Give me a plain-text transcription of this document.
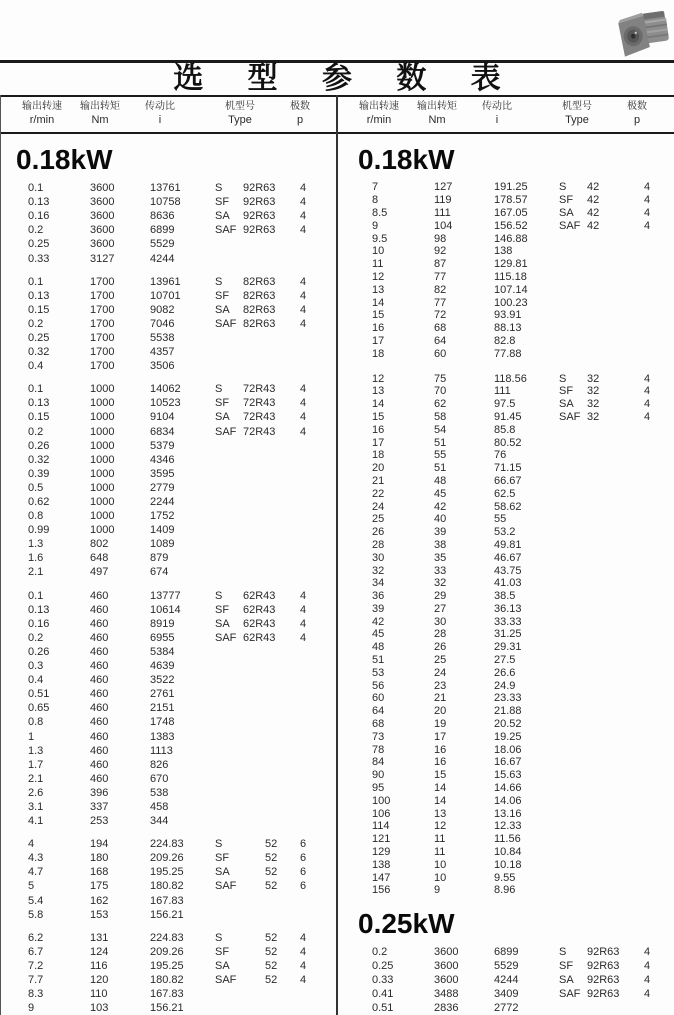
选 型 参 数 表
输出转速
r/min
输出转矩
Nm
传动比
i
机型号
Type
极数
p
输出转速
r/min
输出转矩
Nm
传动比
i
机型号
Type
极数
p
0.18kW
0.1	3600	13761	S	92R63	4
0.13	3600	10758	SF	92R63	4
0.16	3600	8636	SA	92R63	4
0.2	3600	6899	SAF 92R63	4
0.25	3600	5529
0.33	3127	4244
0.1	1700	13961	S	82R63	4
0.13	1700	10701	SF	82R63	4
0.15	1700	9082	SA	82R63	4
0.2	1700	7046	SAF 82R63	4
0.25	1700	5538
0.32	1700	4357
0.4	1700	3506
0.1	1000	14062	S	72R43	4
0.13	1000	10523	SF	72R43	4
0.15	1000	9104	SA	72R43	4
0.2	1000	6834	SAF 72R43	4
0.26	1000	5379
0.32	1000	4346
0.39	1000	3595
0.5	1000	2779
0.62	1000	2244
0.8	1000	1752
0.99	1000	1409
1.3	802	1089
1.6	648	879
2.1	497	674
0.1	460	13777	S	62R43	4
0.13	460	10614	SF	62R43	4
0.16	460	8919	SA	62R43	4
0.2	460	6955	SAF 62R43	4
0.26	460	5384
0.3	460	4639
0.4	460	3522
0.51	460	2761
0.65	460	2151
0.8	460	1748
1	460	1383
1.3	460	1113
1.7	460	826
2.1	460	670
2.6	396	538
3.1	337	458
4.1	253	344
4	194	224.83	S	52	6
4.3	180	209.26	SF	52	6
4.7	168	195.25	SA	52	6
5	175	180.82	SAF	52	6
5.4	162	167.83
5.8	153	156.21
6.2	131	224.83	S	52	4
6.7	124	209.26	SF	52	4
7.2	116	195.25	SA	52	4
7.7	120	180.82	SAF	52	4
8.3	110	167.83
9	103	156.21
0.18kW
7	127	191.25	S	42	4
8	119	178.57	SF	42	4
8.5	111	167.05	SA	42	4
9	104	156.52	SAF 42	4
9.5	98	146.88
10	92	138
11	87	129.81
12	77	115.18
13	82	107.14
14	77	100.23
15	72	93.91
16	68	88.13
17	64	82.8
18	60	77.88
12	75	118.56	S	32	4
13	70	111	SF	32	4
14	62	97.5	SA	32	4
15	58	91.45	SAF 32	4
16	54	85.8
17	51	80.52
18	55	76
20	51	71.15
21	48	66.67
22	45	62.5
24	42	58.62
25	40	55
26	39	53.2
28	38	49.81
30	35	46.67
32	33	43.75
34	32	41.03
36	29	38.5
39	27	36.13
42	30	33.33
45	28	31.25
48	26	29.31
51	25	27.5
53	24	26.6
56	23	24.9
60	21	23.33
64	20	21.88
68	19	20.52
73	17	19.25
78	16	18.06
84	16	16.67
90	15	15.63
95	14	14.66
100	14	14.06
106	13	13.16
114	12	12.33
121	11	11.56
129	11	10.84
138	10	10.18
147	10	9.55
156	9	8.96
0.25kW
0.2	3600	6899	S	92R63	4
0.25	3600	5529	SF	92R63	4
0.33	3600	4244	SA	92R63	4
0.41	3488	3409	SAF 92R63	4
0.51	2836	2772
